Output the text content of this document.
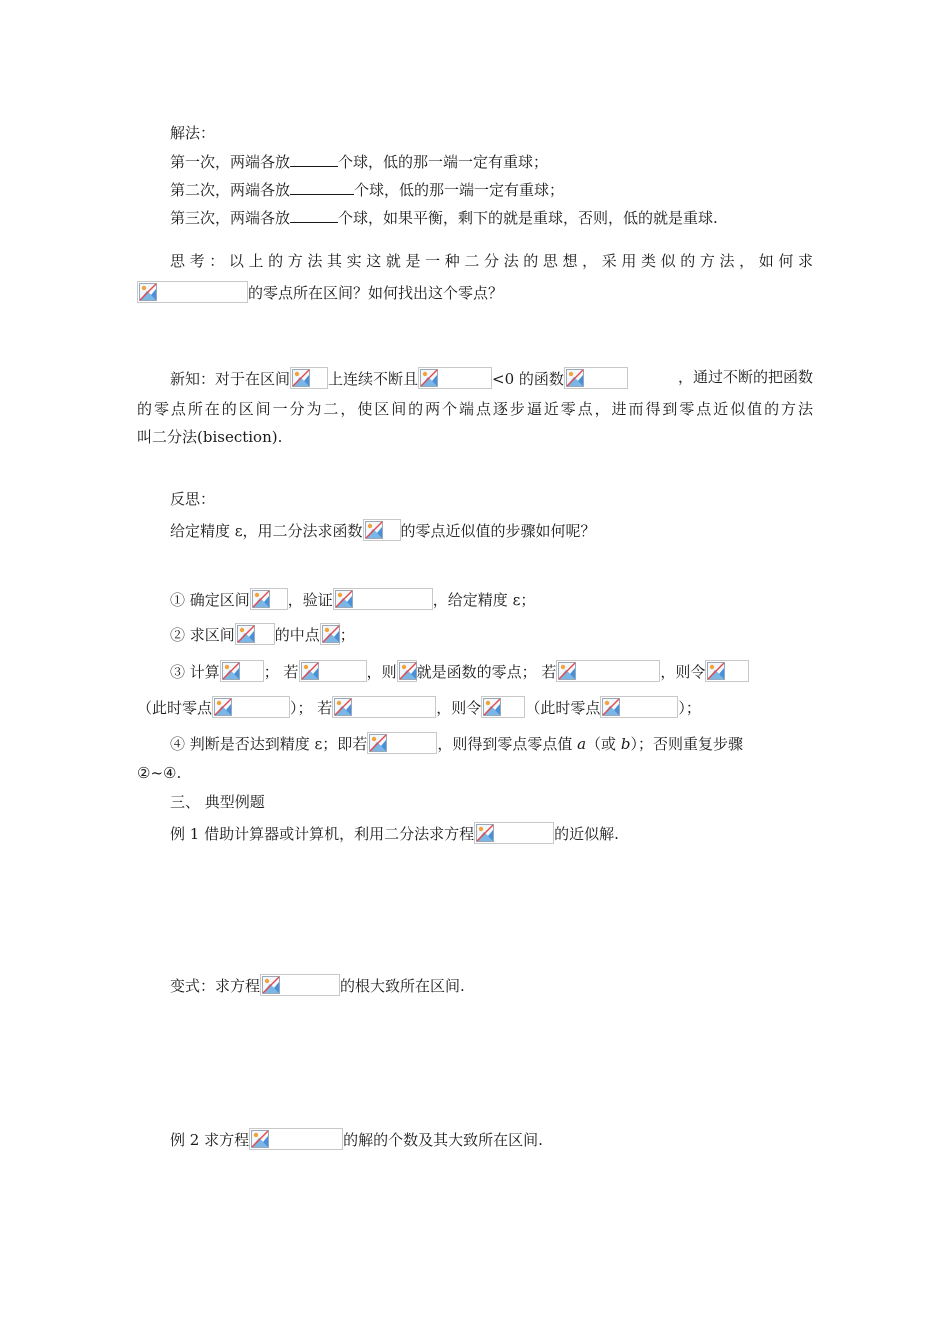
解法：
第一次，两端各放	个球，低的那一端一定有重球；
第二次，两端各放	个球，低的那一端一定有重球；
第三次，两端各放	个球，如果平衡，剩下的就是重球，否则，低的就是重球.
思考：以上的方法其实这就是一种二分法的思想，采用类似的方法，如何求
的零点所在区间？如何找出这个零点？
新知：对于在区间	上连续不断且	<0 的函数	，通过不断的把函数
的零点所在的区间一分为二，使区间的两个端点逐步逼近零点，进而得到零点近似值的方法
叫二分法(bisection).
反思：
给定精度 ε，用二分法求函数	的零点近似值的步骤如何呢？
① 确定区间	，验证	，给定精度 ε；
② 求区间	的中点 ；
③ 计算	； 若	，则 就是函数的零点； 若	，则令
（此时零点	）； 若	，则令	（此时零点	）；
④ 判断是否达到精度 ε；即若	，则得到零点零点值 a（或 b）；否则重复步骤
②~④.
三、 典型例题
例 1 借助计算器或计算机，利用二分法求方程	的近似解.
变式：求方程	的根大致所在区间.
例 2 求方程	的解的个数及其大致所在区间.
